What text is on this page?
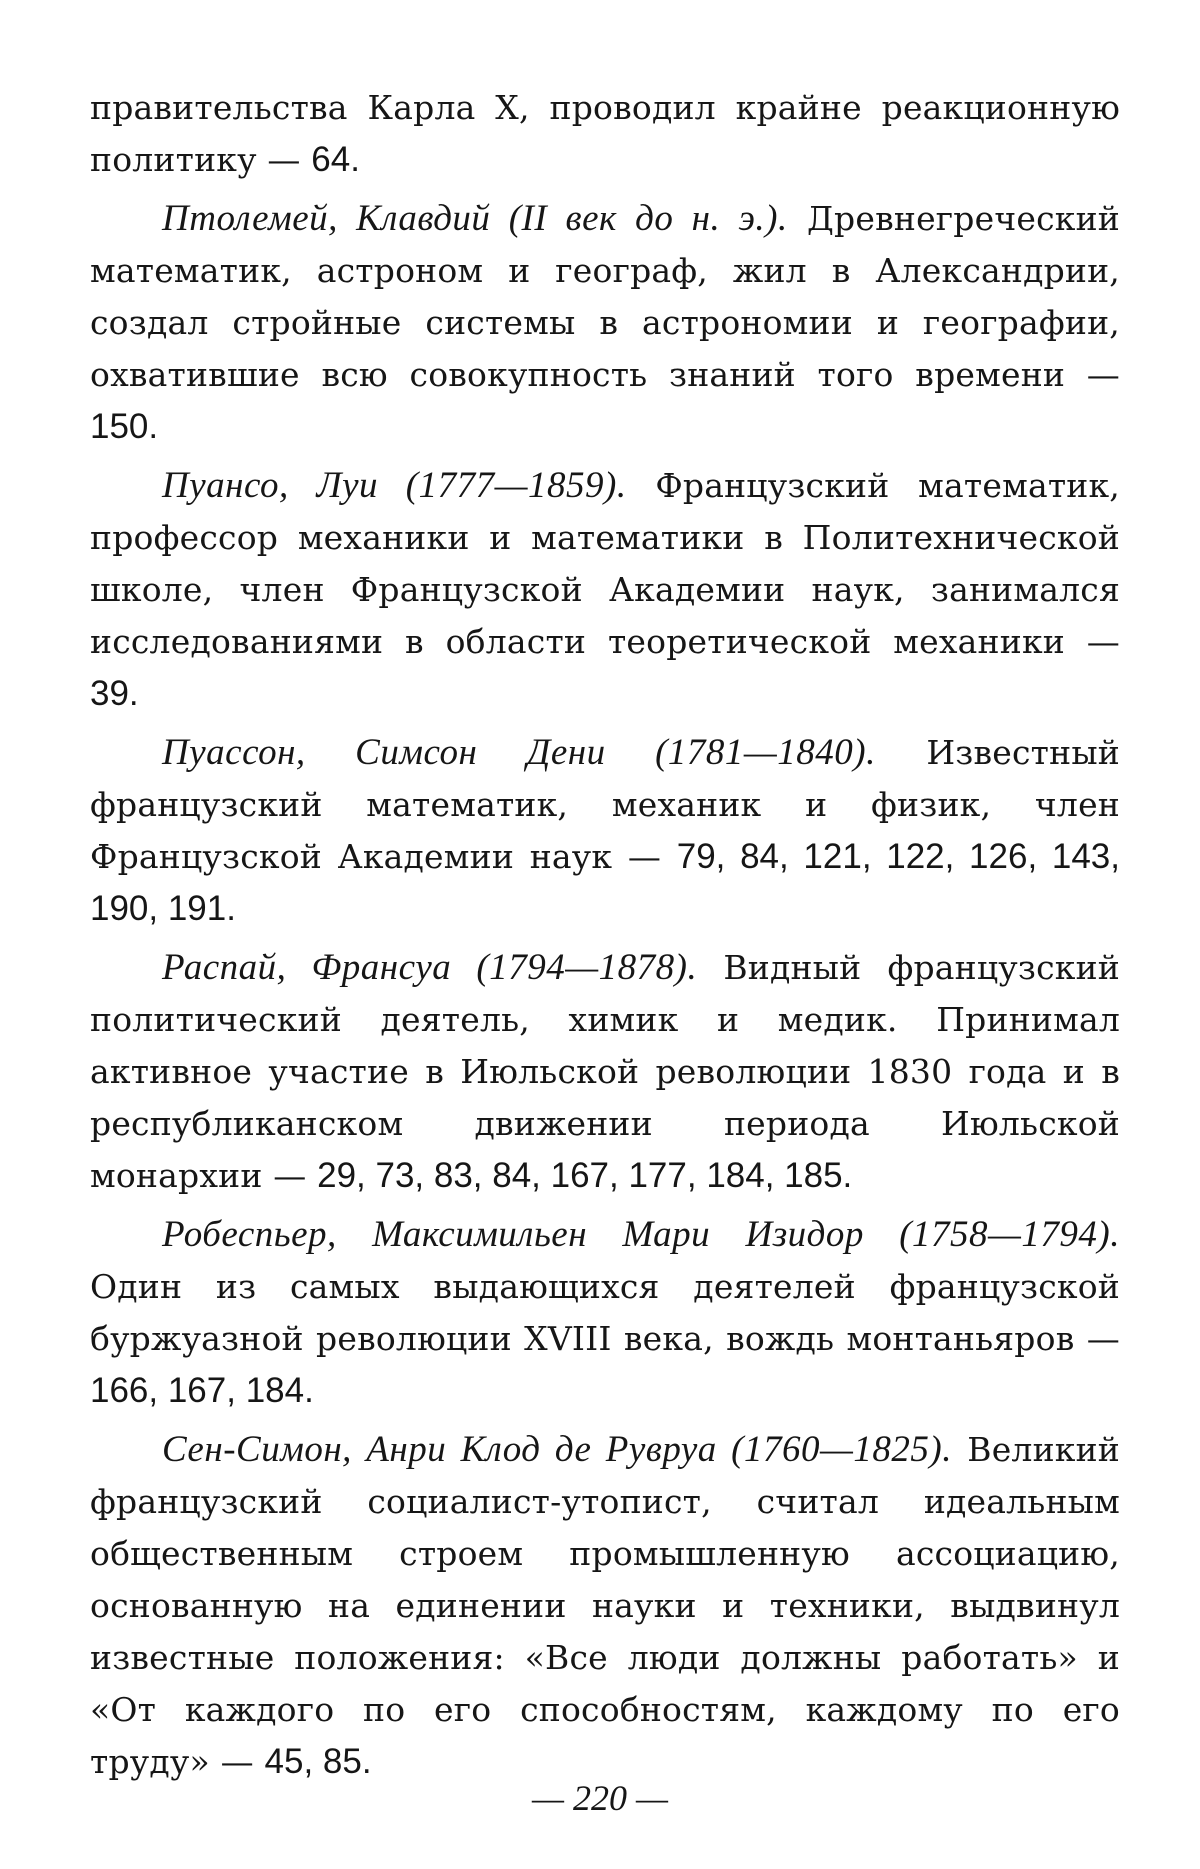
правительства Карла X, проводил крайне реакционную политику — 64.

Птолемей, Клавдий (II век до н. э.). Древнегреческий математик, астроном и географ, жил в Александрии, создал стройные системы в астрономии и географии, охватившие всю совокупность знаний того времени — 150.

Пуансо, Луи (1777—1859). Французский математик, профессор механики и математики в Политехнической школе, член Французской Академии наук, занимался исследованиями в области теоретической механики — 39.

Пуассон, Симсон Дени (1781—1840). Известный французский математик, механик и физик, член Французской Академии наук — 79, 84, 121, 122, 126, 143, 190, 191.

Распай, Франсуа (1794—1878). Видный французский политический деятель, химик и медик. Принимал активное участие в Июльской революции 1830 года и в республиканском движении периода Июльской монархии — 29, 73, 83, 84, 167, 177, 184, 185.

Робеспьер, Максимильен Мари Изидор (1758—1794). Один из самых выдающихся деятелей французской буржуазной революции XVIII века, вождь монтаньяров — 166, 167, 184.

Сен-Симон, Анри Клод де Рувруа (1760—1825). Великий французский социалист-утопист, считал идеальным общественным строем промышленную ассоциацию, основанную на единении науки и техники, выдвинул известные положения: «Все люди должны работать» и «От каждого по его способностям, каждому по его труду» — 45, 85.

— 220 —
